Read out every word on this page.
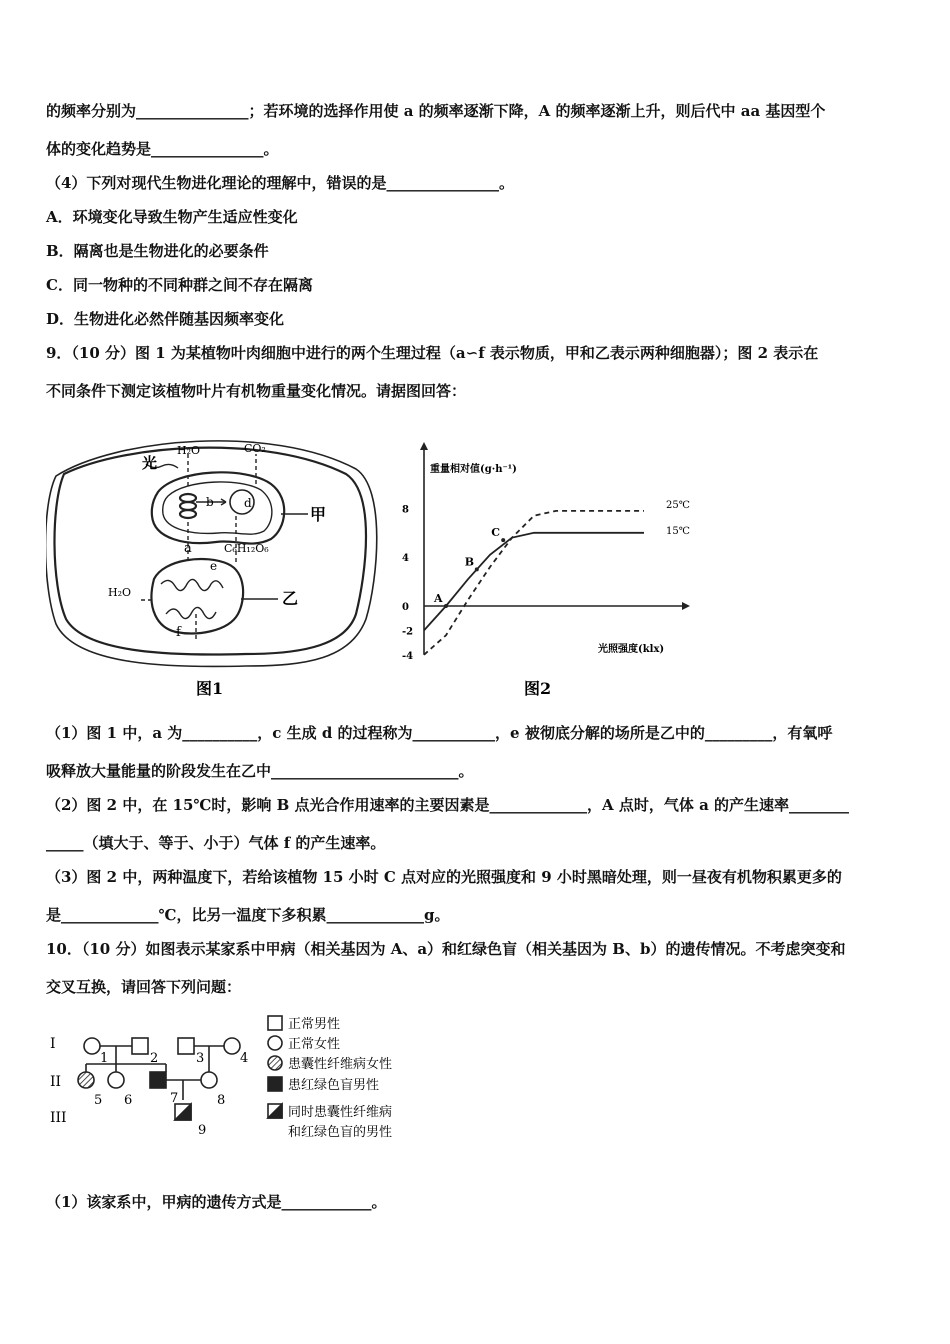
的频率分别为_______________；若环境的选择作用使 a 的频率逐渐下降，A 的频率逐渐上升，则后代中 aa 基因型个
体的变化趋势是_______________。
（4）下列对现代生物进化理论的理解中，错误的是_______________。
A．环境变化导致生物产生适应性变化
B．隔离也是生物进化的必要条件
C．同一物种的不同种群之间不存在隔离
D．生物进化必然伴随基因频率变化
9．（10 分）图 1 为某植物叶肉细胞中进行的两个生理过程（a∽f 表示物质，甲和乙表示两种细胞器）；图 2 表示在
不同条件下测定该植物叶片有机物重量变化情况。请据图回答：
H₂O
光
CO₂
b	d
a	C₆H₁₂O₆
e
H₂O
f
甲
乙
图1
8
4
0
-2
-4
A
B
C
重量相对值(g·h⁻¹)
光照强度(klx)
25℃
15℃
图2
（1）图 1 中，a 为__________，c 生成 d 的过程称为___________，e 被彻底分解的场所是乙中的_________，有氧呼
吸释放大量能量的阶段发生在乙中_________________________。
（2）图 2 中，在 15℃时，影响 B 点光合作用速率的主要因素是_____________，A 点时，气体 a 的产生速率________
_____（填大于、等于、小于）气体 f 的产生速率。
（3）图 2 中，两种温度下，若给该植物 15 小时 C 点对应的光照强度和 9 小时黑暗处理，则一昼夜有机物积累更多的
是_____________℃，比另一温度下多积累_____________g。
10．（10 分）如图表示某家系中甲病（相关基因为 A、a）和红绿色盲（相关基因为 B、b）的遗传情况。不考虑突变和
交叉互换，请回答下列问题：
I
II
III
1	2	3	4
5 6	7	8
9
正常男性
正常女性
患囊性纤维病女性
患红绿色盲男性
同时患囊性纤维病
和红绿色盲的男性
（1）该家系中，甲病的遗传方式是____________。
